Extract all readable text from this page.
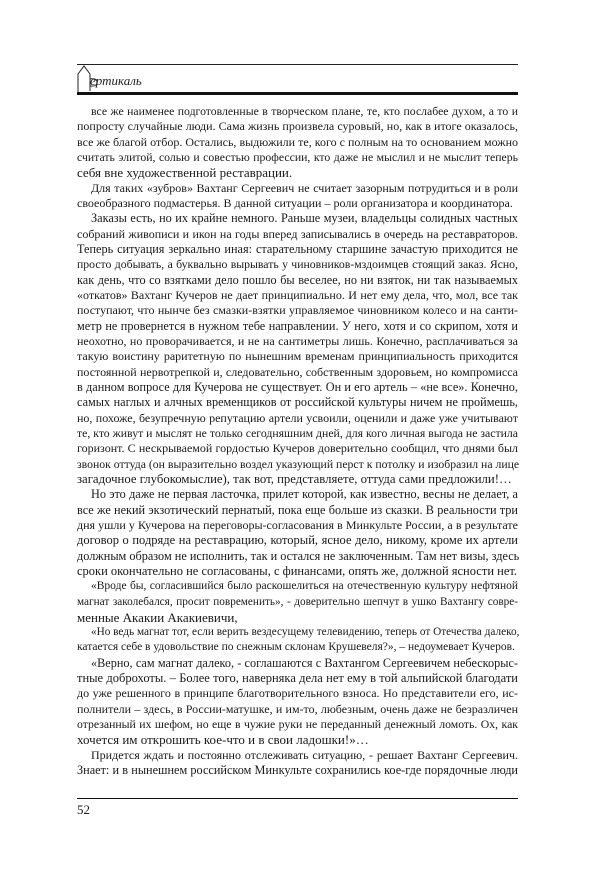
ертикаль
все же наименее подготовленные в творческом плане, те, кто послабее духом, а то и
попросту случайные люди. Сама жизнь произвела суровый, но, как в итоге оказалось,
все же благой отбор. Остались, выдюжили те, кого с полным на то основанием можно
считать элитой, солью и совестью профессии, кто даже не мыслил и не мыслит теперь
себя вне художественной реставрации.
Для таких «зубров» Вахтанг Сергеевич не считает зазорным потрудиться и в роли
своеобразного подмастерья. В данной ситуации – роли организатора и координатора.
Заказы есть, но их крайне немного. Раньше музеи, владельцы солидных частных
собраний живописи и икон на годы вперед записывались в очередь на реставраторов.
Теперь ситуация зеркально иная: старательному старшине зачастую приходится не
просто добывать, а буквально вырывать у чиновников-мздоимцев стоящий заказ. Ясно,
как день, что со взятками дело пошло бы веселее, но ни взяток, ни так называемых
«откатов» Вахтанг Кучеров не дает принципиально. И нет ему дела, что, мол, все так
поступают, что нынче без смазки-взятки управляемое чиновником колесо и на санти-
метр не провернется в нужном тебе направлении. У него, хотя и со скрипом, хотя и
неохотно, но проворачивается, и не на сантиметры лишь. Конечно, расплачиваться за
такую воистину раритетную по нынешним временам принципиальность приходится
постоянной нервотрепкой и, следовательно, собственным здоровьем, но компромисса
в данном вопросе для Кучерова не существует. Он и его артель – «не все». Конечно,
самых наглых и алчных временщиков от российской культуры ничем не проймешь,
но, похоже, безупречную репутацию артели усвоили, оценили и даже уже учитывают
те, кто живут и мыслят не только сегодняшним дней, для кого личная выгода не застила
горизонт. С нескрываемой гордостью Кучеров доверительно сообщил, что днями был
звонок оттуда (он выразительно воздел указующий перст к потолку и изобразил на лице
загадочное глубокомыслие), так вот, представляете, оттуда сами предложили!…
Но это даже не первая ласточка, прилет которой, как известно, весны не делает, а
все же некий экзотический пернатый, пока еще больше из сказки. В реальности три
дня ушли у Кучерова на переговоры-согласования в Минкульте России, а в результате
договор о подряде на реставрацию, который, ясное дело, никому, кроме их артели
должным образом не исполнить, так и остался не заключенным. Там нет визы, здесь
сроки окончательно не согласованы, с финансами, опять же, должной ясности нет.
«Вроде бы, согласившийся было раскошелиться на отечественную культуру нефтяной
магнат заколебался, просит повременить», - доверительно шепчут в ушко Вахтангу совре-
менные Акакии Акакиевичи,
«Но ведь магнат тот, если верить вездесущему телевидению, теперь от Отечества далеко,
катается себе в удовольствие по снежным склонам Крушевеля?», – недоумевает Кучеров.
«Верно, сам магнат далеко, - соглашаются с Вахтангом Сергеевичем небескорыс-
тные доброхоты. – Более того, наверняка дела нет ему в той альпийской благодати
до уже решенного в принципе благотворительного взноса. Но представители его, ис-
полнители – здесь, в России-матушке, и им-то, любезным, очень даже не безразличен
отрезанный их шефом, но еще в чужие руки не переданный денежный ломоть. Ох, как
хочется им открошить кое-что и в свои ладошки!»…
Придется ждать и постоянно отслеживать ситуацию, - решает Вахтанг Сергеевич.
Знает: и в нынешнем российском Минкульте сохранились кое-где порядочные люди
52
